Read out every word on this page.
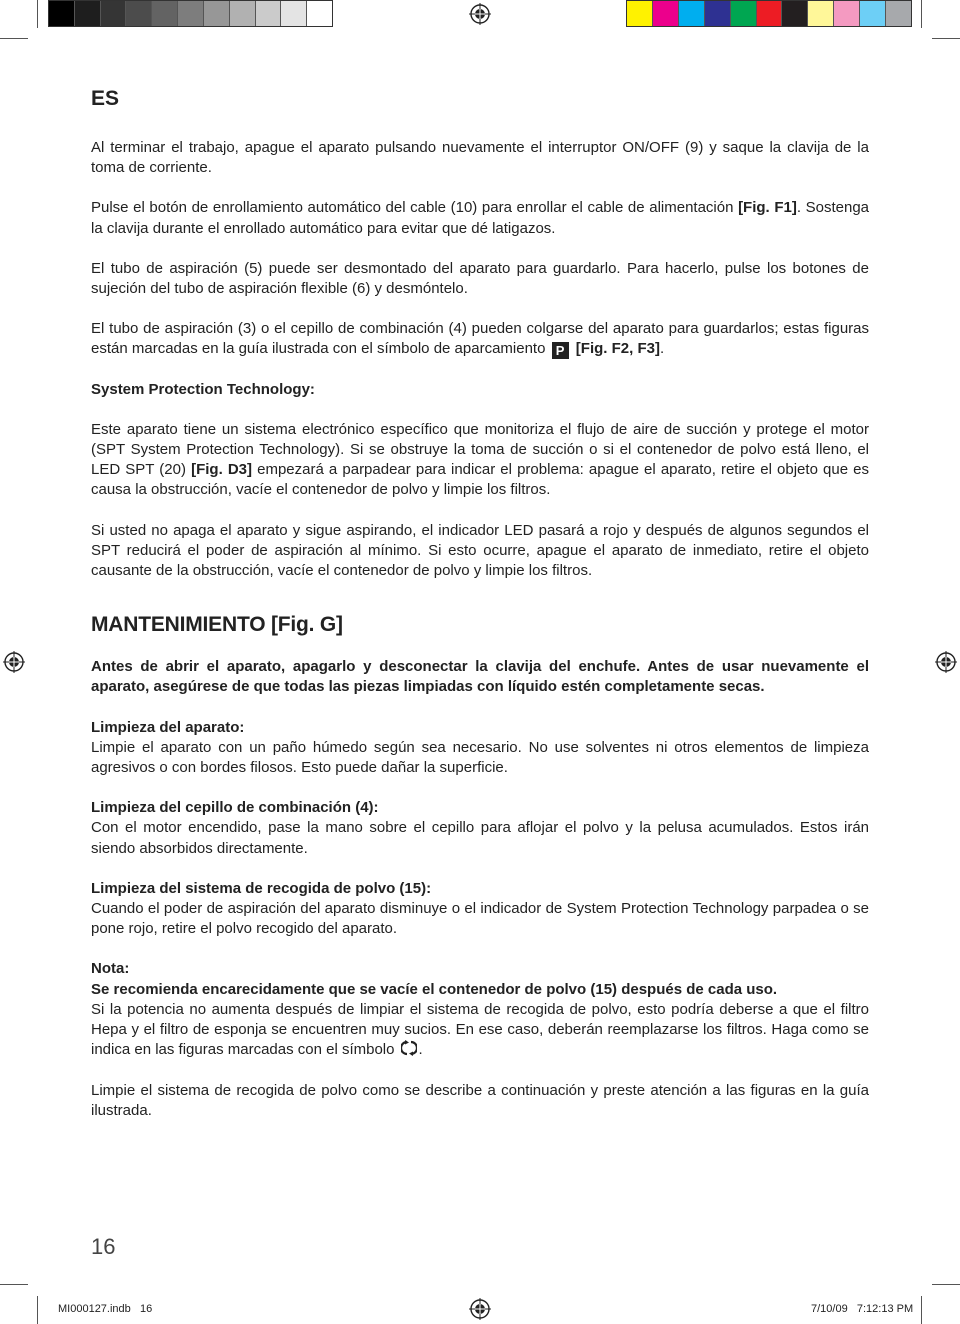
ES

Al terminar el trabajo, apague el aparato pulsando nuevamente el interruptor ON/OFF (9) y saque la clavija de la toma de corriente.

Pulse el botón de enrollamiento automático del cable (10) para enrollar el cable de alimentación [Fig. F1]. Sostenga la clavija durante el enrollado automático para evitar que dé latigazos.

El tubo de aspiración (5) puede ser desmontado del aparato para guardarlo. Para hacerlo, pulse los botones de sujeción del tubo de aspiración flexible (6) y desmóntelo.

El tubo de aspiración (3) o el cepillo de combinación (4) pueden colgarse del aparato para guardarlos; estas figuras están marcadas en la guía ilustrada con el símbolo de aparcamiento P [Fig. F2, F3].

System Protection Technology:

Este aparato tiene un sistema electrónico específico que monitoriza el flujo de aire de succión y protege el motor (SPT System Protection Technology). Si se obstruye la toma de succión o si el contenedor de polvo está lleno, el LED SPT (20) [Fig. D3] empezará a parpadear para indicar el problema: apague el aparato, retire el objeto que es causa la obstrucción, vacíe el contenedor de polvo y limpie los filtros.

Si usted no apaga el aparato y sigue aspirando, el indicador LED pasará a rojo y después de algunos segundos el SPT reducirá el poder de aspiración al mínimo. Si esto ocurre, apague el aparato de inmediato, retire el objeto causante de la obstrucción, vacíe el contenedor de polvo y limpie los filtros.

MANTENIMIENTO [Fig. G]

Antes de abrir el aparato, apagarlo y desconectar la clavija del enchufe. Antes de usar nuevamente el aparato, asegúrese de que todas las piezas limpiadas con líquido estén completamente secas.

Limpieza del aparato:
Limpie el aparato con un paño húmedo según sea necesario. No use solventes ni otros elementos de limpieza agresivos o con bordes filosos. Esto puede dañar la superficie.

Limpieza del cepillo de combinación (4):
Con el motor encendido, pase la mano sobre el cepillo para aflojar el polvo y la pelusa acumulados. Estos irán siendo absorbidos directamente.

Limpieza del sistema de recogida de polvo (15):
Cuando el poder de aspiración del aparato disminuye o el indicador de System Protection Technology parpadea o se pone rojo, retire el polvo recogido del aparato.

Nota:
Se recomienda encarecidamente que se vacíe el contenedor de polvo (15) después de cada uso.
Si la potencia no aumenta después de limpiar el sistema de recogida de polvo, esto podría deberse a que el filtro Hepa y el filtro de esponja se encuentren muy sucios. En ese caso, deberán reemplazarse los filtros. Haga como se indica en las figuras marcadas con el símbolo .

Limpie el sistema de recogida de polvo como se describe a continuación y preste atención a las figuras en la guía ilustrada.

16
MI000127.indb   16	7/10/09   7:12:13 PM
